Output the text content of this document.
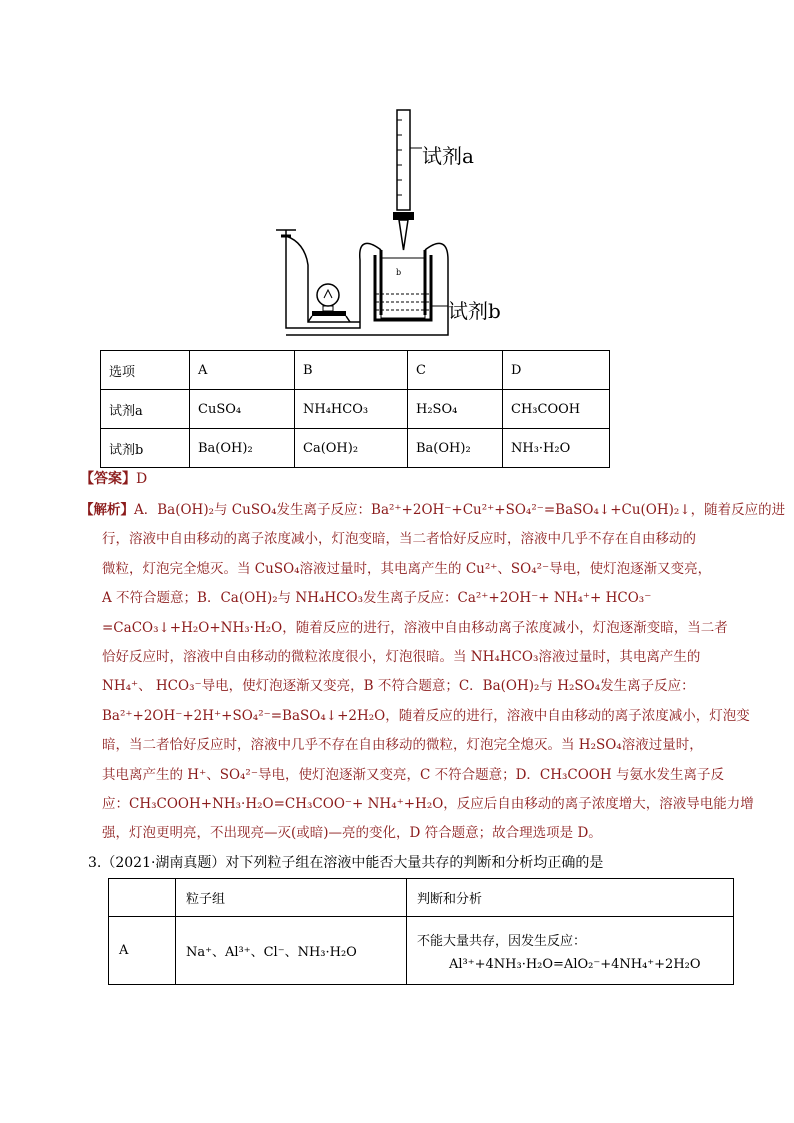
b
试剂a
试剂b
选项	A	B	C	D
试剂a	CuSO₄	NH₄HCO₃	H₂SO₄	CH₃COOH
试剂b	Ba(OH)₂	Ca(OH)₂	Ba(OH)₂	NH₃·H₂O
【答案】D
【解析】A．Ba(OH)₂与 CuSO₄发生离子反应：Ba²⁺+2OH⁻+Cu²⁺+SO₄²⁻=BaSO₄↓+Cu(OH)₂↓，随着反应的进
行，溶液中自由移动的离子浓度减小，灯泡变暗，当二者恰好反应时，溶液中几乎不存在自由移动的
微粒，灯泡完全熄灭。当 CuSO₄溶液过量时，其电离产生的 Cu²⁺、SO₄²⁻导电，使灯泡逐渐又变亮，
A 不符合题意；B．Ca(OH)₂与 NH₄HCO₃发生离子反应：Ca²⁺+2OH⁻+ NH₄⁺+ HCO₃⁻
=CaCO₃↓+H₂O+NH₃·H₂O，随着反应的进行，溶液中自由移动离子浓度减小，灯泡逐渐变暗，当二者
恰好反应时，溶液中自由移动的微粒浓度很小，灯泡很暗。当 NH₄HCO₃溶液过量时，其电离产生的
NH₄⁺、 HCO₃⁻导电，使灯泡逐渐又变亮，B 不符合题意；C．Ba(OH)₂与 H₂SO₄发生离子反应：
Ba²⁺+2OH⁻+2H⁺+SO₄²⁻=BaSO₄↓+2H₂O，随着反应的进行，溶液中自由移动的离子浓度减小，灯泡变
暗，当二者恰好反应时，溶液中几乎不存在自由移动的微粒，灯泡完全熄灭。当 H₂SO₄溶液过量时，
其电离产生的 H⁺、SO₄²⁻导电，使灯泡逐渐又变亮，C 不符合题意；D．CH₃COOH 与氨水发生离子反
应：CH₃COOH+NH₃·H₂O=CH₃COO⁻+ NH₄⁺+H₂O，反应后自由移动的离子浓度增大，溶液导电能力增
强，灯泡更明亮，不出现亮—灭(或暗)—亮的变化，D 符合题意；故合理选项是 D。
3.（2021·湖南真题）对下列粒子组在溶液中能否大量共存的判断和分析均正确的是
	粒子组	判断和分析
A	Na⁺、Al³⁺、Cl⁻、NH₃·H₂O	不能大量共存，因发生反应：
Al³⁺+4NH₃·H₂O=AlO₂⁻+4NH₄⁺+2H₂O
